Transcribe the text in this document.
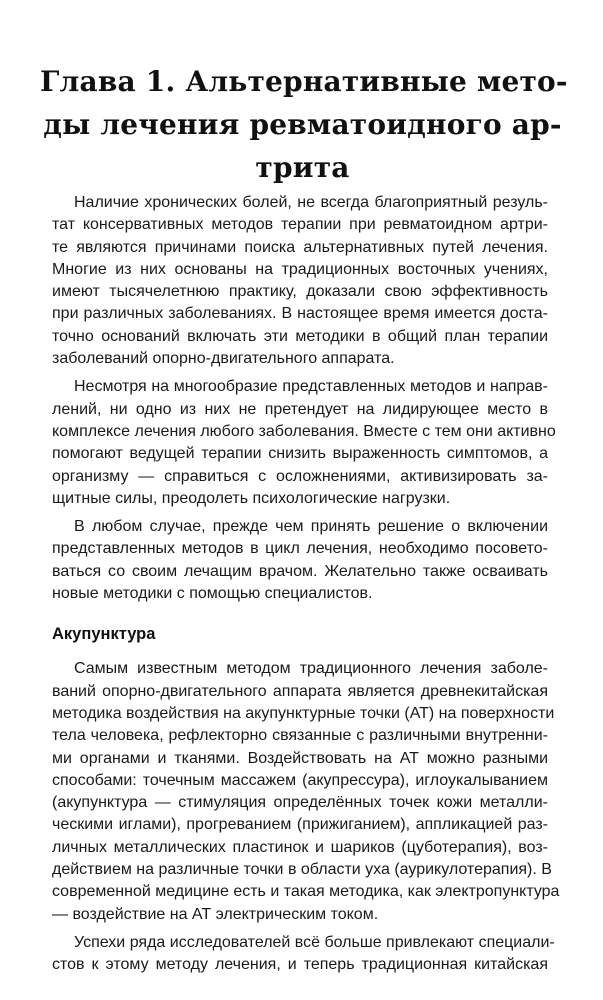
Глава 1. Альтернативные мето-
ды лечения ревматоидного ар-
трита
Наличие хронических болей, не всегда благоприятный резуль-
тат консервативных методов терапии при ревматоидном артри-
те являются причинами поиска альтернативных путей лечения.
Многие из них основаны на традиционных восточных учениях,
имеют тысячелетнюю практику, доказали свою эффективность
при различных заболеваниях. В настоящее время имеется доста-
точно оснований включать эти методики в общий план терапии
заболеваний опорно-двигательного аппарата.
Несмотря на многообразие представленных методов и направ-
лений, ни одно из них не претендует на лидирующее место в
комплексе лечения любого заболевания. Вместе с тем они активно
помогают ведущей терапии снизить выраженность симптомов, а
организму — справиться с осложнениями, активизировать за-
щитные силы, преодолеть психологические нагрузки.
В любом случае, прежде чем принять решение о включении
представленных методов в цикл лечения, необходимо посовето-
ваться со своим лечащим врачом. Желательно также осваивать
новые методики с помощью специалистов.
Акупунктура
Самым известным методом традиционного лечения заболе-
ваний опорно-двигательного аппарата является древнекитайская
методика воздействия на акупунктурные точки (АТ) на поверхности
тела человека, рефлекторно связанные с различными внутренни-
ми органами и тканями. Воздействовать на АТ можно разными
способами: точечным массажем (акупрессура), иглоукалыванием
(акупунктура — стимуляция определённых точек кожи металли-
ческими иглами), прогреванием (прижиганием), аппликацией раз-
личных металлических пластинок и шариков (цуботерапия), воз-
действием на различные точки в области уха (аурикулотерапия). В
современной медицине есть и такая методика, как электропунктура
— воздействие на АТ электрическим током.
Успехи ряда исследователей всё больше привлекают специали-
стов к этому методу лечения, и теперь традиционная китайская
